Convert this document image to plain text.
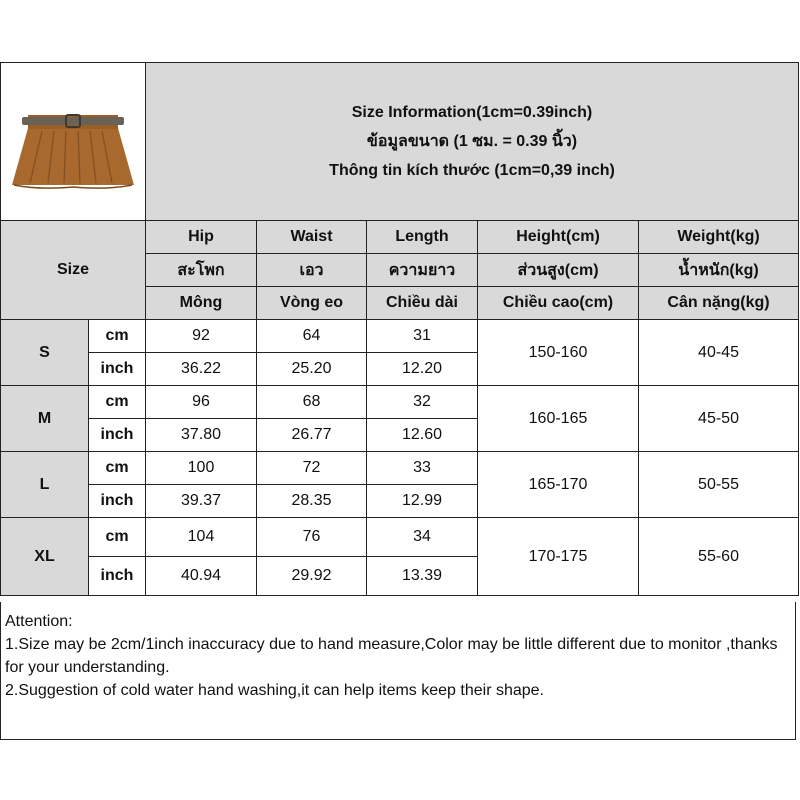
Size Information(1cm=0.39inch)
ข้อมูลขนาด (1 ซม. = 0.39 นิ้ว)
Thông tin kích thước (1cm=0,39 inch)				

Size		Hip	Waist	Length	Height(cm)	Weight(kg)
		สะโพก	เอว	ความยาว	ส่วนสูง(cm)	น้ำหนัก(kg)
		Mông	Vòng eo	Chiều dài	Chiều cao(cm)	Cân nặng(kg)
S	cm	92	64	31	150-160	40-45
	inch	36.22	25.20	12.20		
M	cm	96	68	32	160-165	45-50
	inch	37.80	26.77	12.60		
L	cm	100	72	33	165-170	50-55
	inch	39.37	28.35	12.99		
XL	cm	104	76	34	170-175	55-60
	inch	40.94	29.92	13.39		
Attention:
1.Size may be 2cm/1inch inaccuracy due to hand measure,Color may be little different due to monitor ,thanks for your understanding.
2.Suggestion of cold water hand washing,it can help items keep their shape.
